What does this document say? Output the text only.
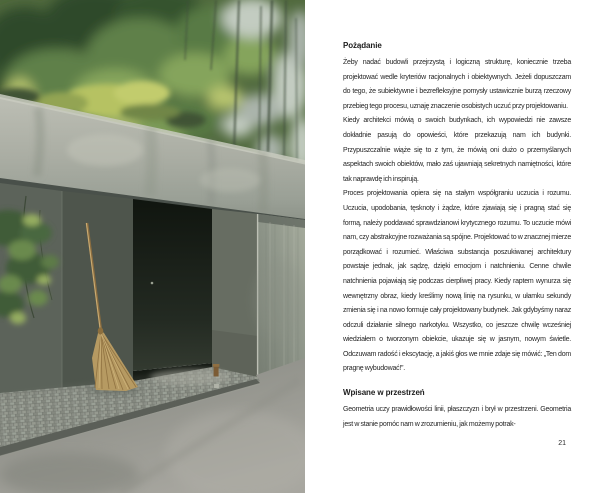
Pożądanie

Żeby nadać budowli przejrzystą i logiczną strukturę, koniecznie trzeba projektować wedle kryteriów racjonalnych i obiektywnych. Jeżeli dopuszczam do tego, że subiektywne i bezrefleksyjne pomysły ustawicznie burzą rzeczowy przebieg tego procesu, uznaję znaczenie osobistych uczuć przy projektowaniu.

Kiedy architekci mówią o swoich budynkach, ich wypowiedzi nie zawsze dokładnie pasują do opowieści, które przekazują nam ich budynki. Przypuszczalnie wiąże się to z tym, że mówią oni dużo o przemyślanych aspektach swoich obiektów, mało zaś ujawniają sekretnych namiętności, które tak naprawdę ich inspirują.

Proces projektowania opiera się na stałym współgraniu uczucia i rozumu. Uczucia, upodobania, tęsknoty i żądze, które zjawiają się i pragną stać się formą, należy poddawać sprawdzianowi krytycznego rozumu. To uczucie mówi nam, czy abstrakcyjne rozważania są spójne. Projektować to w znacznej mierze porządkować i rozumieć. Właściwa substancja poszukiwanej architektury powstaje jednak, jak sądzę, dzięki emocjom i natchnieniu. Cenne chwile natchnienia pojawiają się podczas cierpliwej pracy. Kiedy raptem wynurza się wewnętrzny obraz, kiedy kreślimy nową linię na rysunku, w ułamku sekundy zmienia się i na nowo formuje cały projektowany budynek. Jak gdybyśmy naraz odczuli działanie silnego narkotyku. Wszystko, co jeszcze chwilę wcześniej wiedziałem o tworzonym obiekcie, ukazuje się w jasnym, nowym świetle. Odczuwam radość i ekscytację, a jakiś głos we mnie zdaje się mówić: „Ten dom pragnę wybudować!”.

Wpisane w przestrzeń

Geometria uczy prawidłowości linii, płaszczyzn i brył w przestrzeni. Geometria jest w stanie pomóc nam w zrozumieniu, jak możemy potrak-

21
